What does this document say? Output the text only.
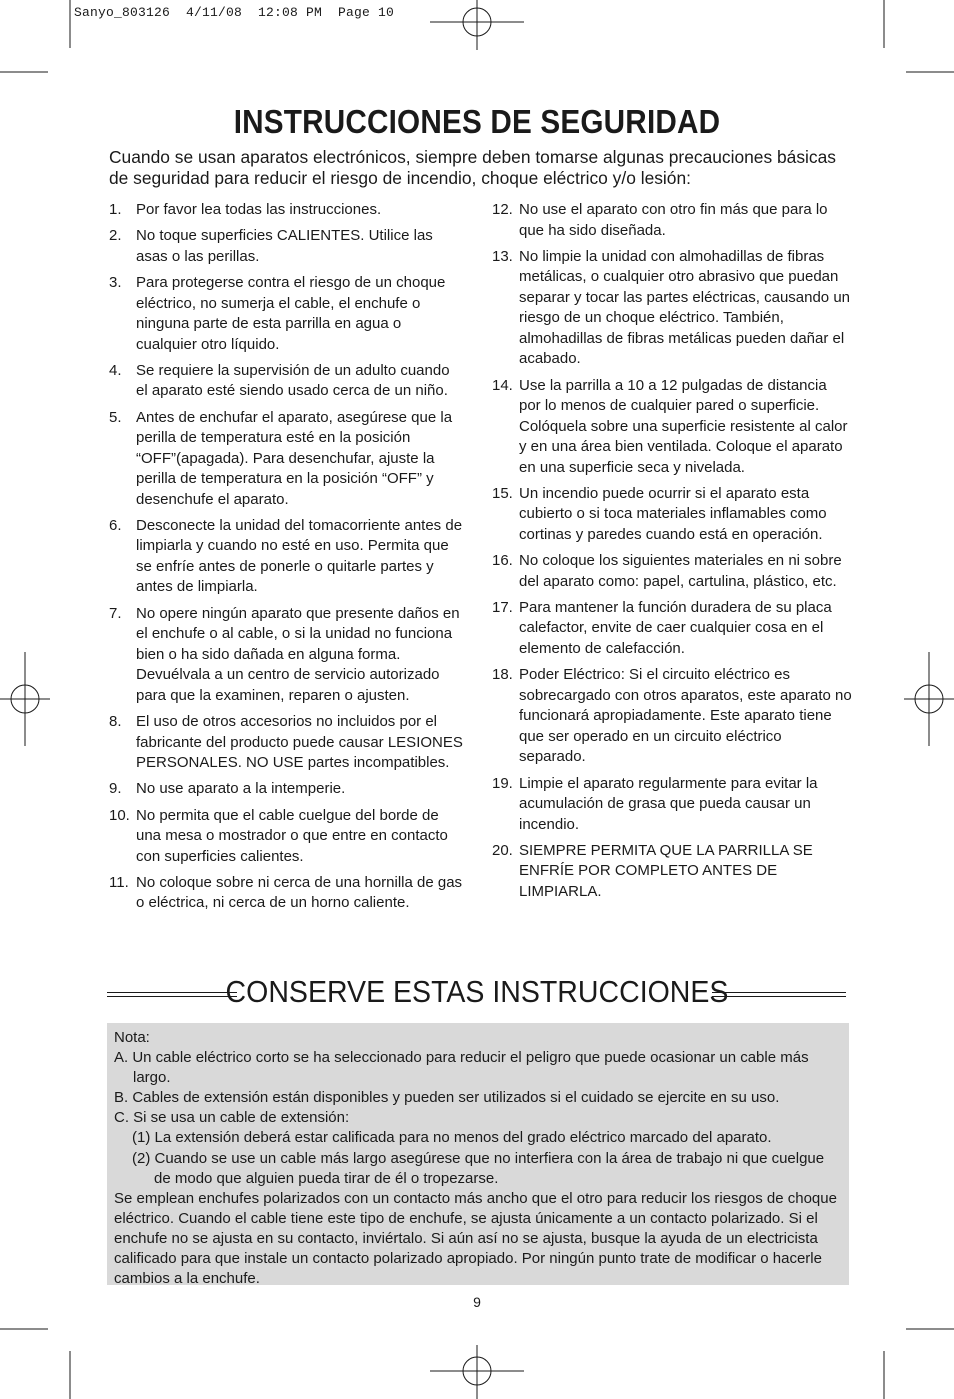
Sanyo_803126  4/11/08  12:08 PM  Page 10
INSTRUCCIONES DE SEGURIDAD

Cuando se usan aparatos electrónicos, siempre deben tomarse algunas precauciones básicas de seguridad para reducir el riesgo de incendio, choque eléctrico y/o lesión:

1. Por favor lea todas las instrucciones.
2. No toque superficies CALIENTES. Utilice las asas o las perillas.
3. Para protegerse contra el riesgo de un choque eléctrico, no sumerja el cable, el enchufe o ninguna parte de esta parrilla en agua o cualquier otro líquido.
4. Se requiere la supervisión de un adulto cuando el aparato esté siendo usado cerca de un niño.
5. Antes de enchufar el aparato, asegúrese que la perilla de temperatura esté en la posición “OFF”(apagada). Para desenchufar, ajuste la perilla de temperatura en la posición “OFF” y desenchufe el aparato.
6. Desconecte la unidad del tomacorriente antes de limpiarla y cuando no esté en uso. Permita que se enfríe antes de ponerle o quitarle partes y antes de limpiarla.
7. No opere ningún aparato que presente daños en el enchufe o al cable, o si la unidad no funciona bien o ha sido dañada en alguna forma. Devuélvala a un centro de servicio autorizado para que la examinen, reparen o ajusten.
8. El uso de otros accesorios no incluidos por el fabricante del producto puede causar LESIONES PERSONALES. NO USE partes incompatibles.
9. No use aparato a la intemperie.
10. No permita que el cable cuelgue del borde de una mesa o mostrador o que entre en contacto con superficies calientes.
11. No coloque sobre ni cerca de una hornilla de gas o eléctrica, ni cerca de un horno caliente.
12. No use el aparato con otro fin más que para lo que ha sido diseñada.
13. No limpie la unidad con almohadillas de fibras metálicas, o cualquier otro abrasivo que puedan separar y tocar las partes eléctricas, causando un riesgo de un choque eléctrico. También, almohadillas de fibras metálicas pueden dañar el acabado.
14. Use la parrilla a 10 a 12 pulgadas de distancia por lo menos de cualquier pared o superficie. Colóquela sobre una superficie resistente al calor y en una área bien ventilada. Coloque el aparato en una superficie seca y nivelada.
15. Un incendio puede ocurrir si el aparato esta cubierto o si toca materiales inflamables como cortinas y paredes cuando está en operación.
16. No coloque los siguientes materiales en ni sobre del aparato como: papel, cartulina, plástico, etc.
17. Para mantener la función duradera de su placa calefactor, envite de caer cualquier cosa en el elemento de calefacción.
18. Poder Eléctrico: Si el circuito eléctrico es sobrecargado con otros aparatos, este aparato no funcionará apropiadamente. Este aparato tiene que ser operado en un circuito eléctrico separado.
19. Limpie el aparato regularmente para evitar la acumulación de grasa que pueda causar un incendio.
20. SIEMPRE PERMITA QUE LA PARRILLA SE ENFRÍE POR COMPLETO ANTES DE LIMPIARLA.
CONSERVE ESTAS INSTRUCCIONES

Nota:

A. Un cable eléctrico corto se ha seleccionado para reducir el peligro que puede ocasionar un cable más largo.

B. Cables de extensión están disponibles y pueden ser utilizados si el cuidado se ejercite en su uso.

C. Si se usa un cable de extensión:

(1) La extensión deberá estar calificada para no menos del grado eléctrico marcado del aparato.

(2) Cuando se use un cable más largo asegúrese que no interfiera con la área de trabajo ni que cuelgue de modo que alguien pueda tirar de él o tropezarse.

Se emplean enchufes polarizados con un contacto más ancho que el otro para reducir los riesgos de choque eléctrico. Cuando el cable tiene este tipo de enchufe, se ajusta únicamente a un contacto polarizado. Si el enchufe no se ajusta en su contacto, inviértalo. Si aún así no se ajusta, busque la ayuda de un electricista calificado para que instale un contacto polarizado apropiado. Por ningún punto trate de modificar o hacerle cambios a la enchufe.

9
